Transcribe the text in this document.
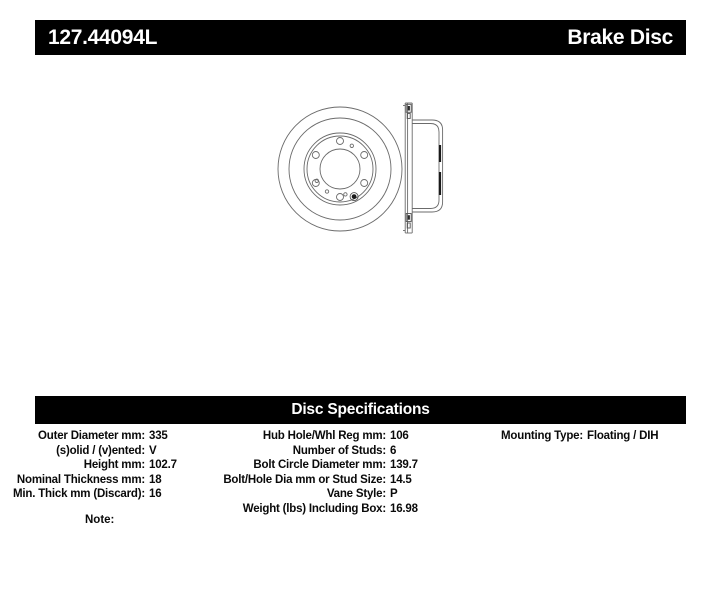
127.44094L	Brake Disc
Disc Specifications
Outer Diameter mm: 335
(s)olid / (v)ented: V
Height mm: 102.7
Nominal Thickness mm: 18
Min. Thick mm (Discard): 16
Hub Hole/Whl Reg mm: 106
Number of Studs: 6
Bolt Circle Diameter mm: 139.7
Bolt/Hole Dia mm or Stud Size: 14.5
Vane Style: P
Weight (lbs) Including Box: 16.98
Mounting Type: Floating / DIH
Note:
